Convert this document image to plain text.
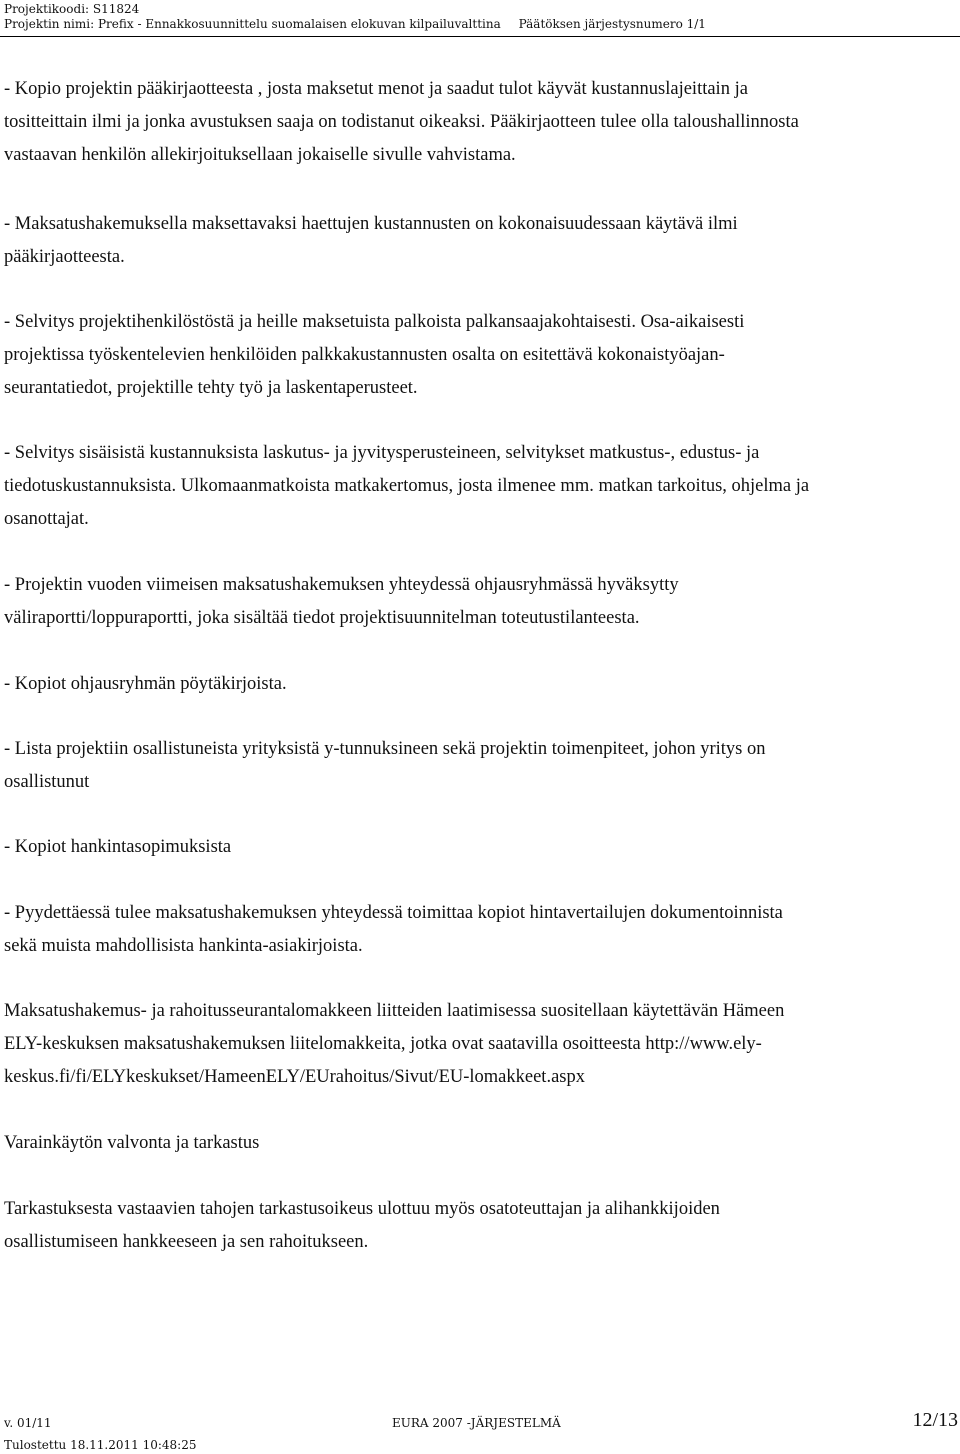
Projektikoodi: S11824
Projektin nimi: Prefix - Ennakkosuunnittelu suomalaisen elokuvan kilpailuvalttina Päätöksen järjestysnumero 1/1

- Kopio projektin pääkirjaotteesta , josta maksetut menot ja saadut tulot käyvät kustannuslajeittain ja
tositteittain ilmi ja jonka avustuksen saaja on todistanut oikeaksi. Pääkirjaotteen tulee olla taloushallinnosta
vastaavan henkilön allekirjoituksellaan jokaiselle sivulle vahvistama.

- Maksatushakemuksella maksettavaksi haettujen kustannusten on kokonaisuudessaan käytävä ilmi
pääkirjaotteesta.

- Selvitys projektihenkilöstöstä ja heille maksetuista palkoista palkansaajakohtaisesti. Osa-aikaisesti
projektissa työskentelevien henkilöiden palkkakustannusten osalta on esitettävä kokonaistyöajan-
seurantatiedot, projektille tehty työ ja laskentaperusteet.

- Selvitys sisäisistä kustannuksista laskutus- ja jyvitysperusteineen, selvitykset matkustus-, edustus- ja
tiedotuskustannuksista. Ulkomaanmatkoista matkakertomus, josta ilmenee mm. matkan tarkoitus, ohjelma ja
osanottajat.

- Projektin vuoden viimeisen maksatushakemuksen yhteydessä ohjausryhmässä hyväksytty
väliraportti/loppuraportti, joka sisältää tiedot projektisuunnitelman toteutustilanteesta.

- Kopiot ohjausryhmän pöytäkirjoista.

- Lista projektiin osallistuneista yrityksistä y-tunnuksineen sekä projektin toimenpiteet, johon yritys on
osallistunut

- Kopiot hankintasopimuksista

- Pyydettäessä tulee maksatushakemuksen yhteydessä toimittaa kopiot hintavertailujen dokumentoinnista
sekä muista mahdollisista hankinta-asiakirjoista.

Maksatushakemus- ja rahoitusseurantalomakkeen liitteiden laatimisessa suositellaan käytettävän Hämeen
ELY-keskuksen maksatushakemuksen liitelomakkeita, jotka ovat saatavilla osoitteesta http://www.ely-
keskus.fi/fi/ELYkeskukset/HameenELY/EUrahoitus/Sivut/EU-lomakkeet.aspx

Varainkäytön valvonta ja tarkastus

Tarkastuksesta vastaavien tahojen tarkastusoikeus ulottuu myös osatoteuttajan ja alihankkijoiden
osallistumiseen hankkeeseen ja sen rahoitukseen.

v. 01/11	EURA 2007 -JÄRJESTELMÄ	12/13
Tulostettu 18.11.2011 10:48:25
